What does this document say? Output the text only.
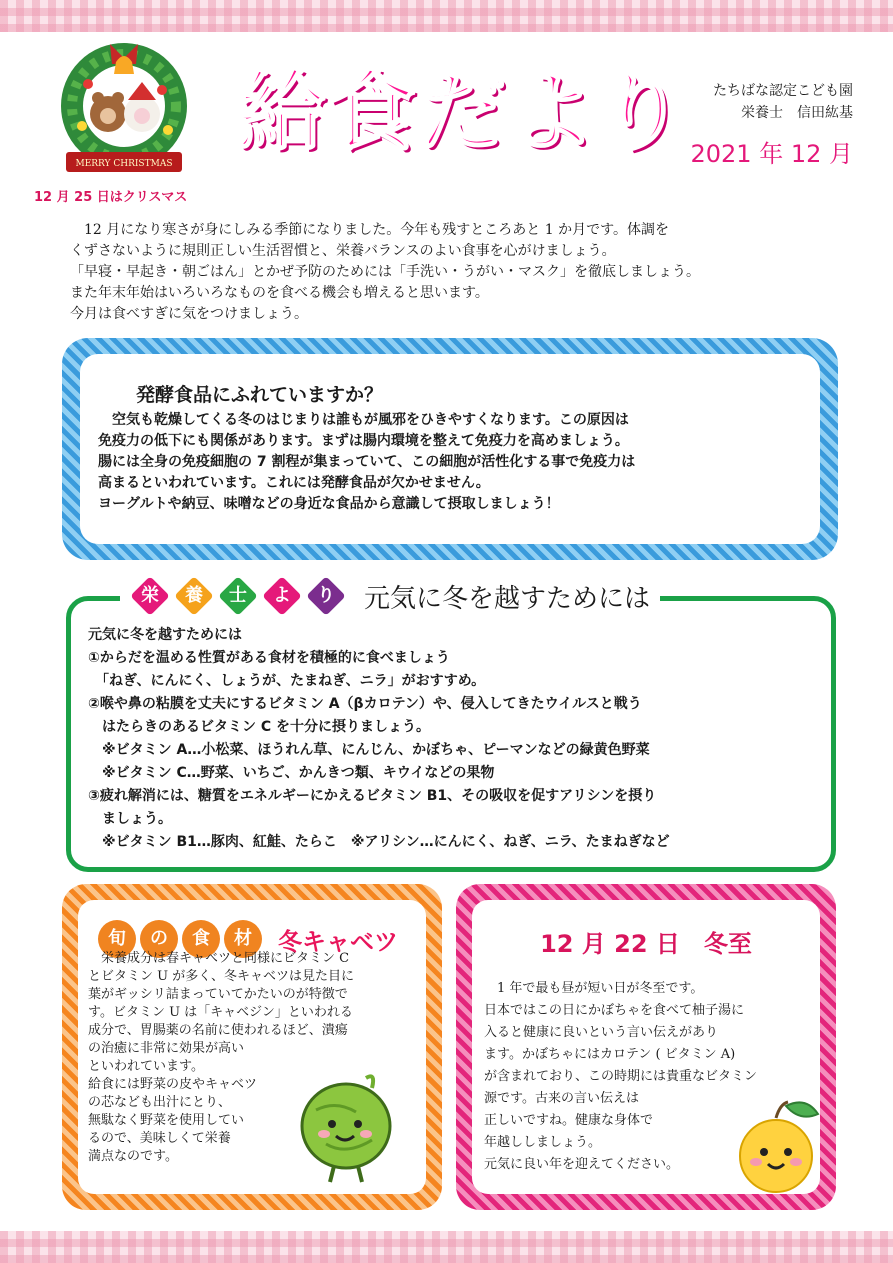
MERRY CHRISTMAS
12 月 25 日はクリスマス
給食だより たちばな認定こども園
栄養士　信田紘基
2021 年 12 月

　12 月になり寒さが身にしみる季節になりました。今年も残すところあと 1 か月です。体調を

くずさないように規則正しい生活習慣と、栄養バランスのよい食事を心がけましょう。

「早寝・早起き・朝ごはん」とかぜ予防のためには「手洗い・うがい・マスク」を徹底しましょう。

また年末年始はいろいろなものを食べる機会も増えると思います。

今月は食べすぎに気をつけましょう。

発酵食品にふれていますか？

　空気も乾燥してくる冬のはじまりは誰もが風邪をひきやすくなります。この原因は

免疫力の低下にも関係があります。まずは腸内環境を整えて免疫力を高めましょう。

腸には全身の免疫細胞の 7 割程が集まっていて、この細胞が活性化する事で免疫力は

高まるといわれています。これには発酵食品が欠かせません。

ヨーグルトや納豆、味噌などの身近な食品から意識して摂取しましょう！

栄	養	士	よ	り	元気に冬を越すためには

元気に冬を越すためには

①からだを温める性質がある食材を積極的に食べましょう

　「ねぎ、にんにく、しょうが、たまねぎ、ニラ」がおすすめ。

②喉や鼻の粘膜を丈夫にするビタミン A（βカロテン）や、侵入してきたウイルスと戦う

　はたらきのあるビタミン C を十分に摂りましょう。

　※ビタミン A…小松菜、ほうれん草、にんじん、かぼちゃ、ピーマンなどの緑黄色野菜

　※ビタミン C…野菜、いちご、かんきつ類、キウイなどの果物

③疲れ解消には、糖質をエネルギーにかえるビタミン B1、その吸収を促すアリシンを摂り

　ましょう。

　※ビタミン B1…豚肉、紅鮭、たらこ　※アリシン…にんにく、ねぎ、ニラ、たまねぎなど

旬	の	食	材	冬キャベツ

　栄養成分は春キャベツと同様にビタミン C

とビタミン U が多く、冬キャベツは見た目に

葉がギッシリ詰まっていてかたいのが特徴で

す。ビタミン U は「キャベジン」といわれる

成分で、胃腸薬の名前に使われるほど、潰瘍

の治癒に非常に効果が高い

といわれています。

給食には野菜の皮やキャベツ

の芯なども出汁にとり、

無駄なく野菜を使用してい

るので、美味しくて栄養

満点なのです。

12 月 22 日　冬至

　1 年で最も昼が短い日が冬至です。

日本ではこの日にかぼちゃを食べて柚子湯に

入ると健康に良いという言い伝えがあり

ます。かぼちゃにはカロテン ( ビタミン A)

が含まれており、この時期には貴重なビタミン

源です。古来の言い伝えは

正しいですね。健康な身体で

年越ししましょう。

元気に良い年を迎えてください。
